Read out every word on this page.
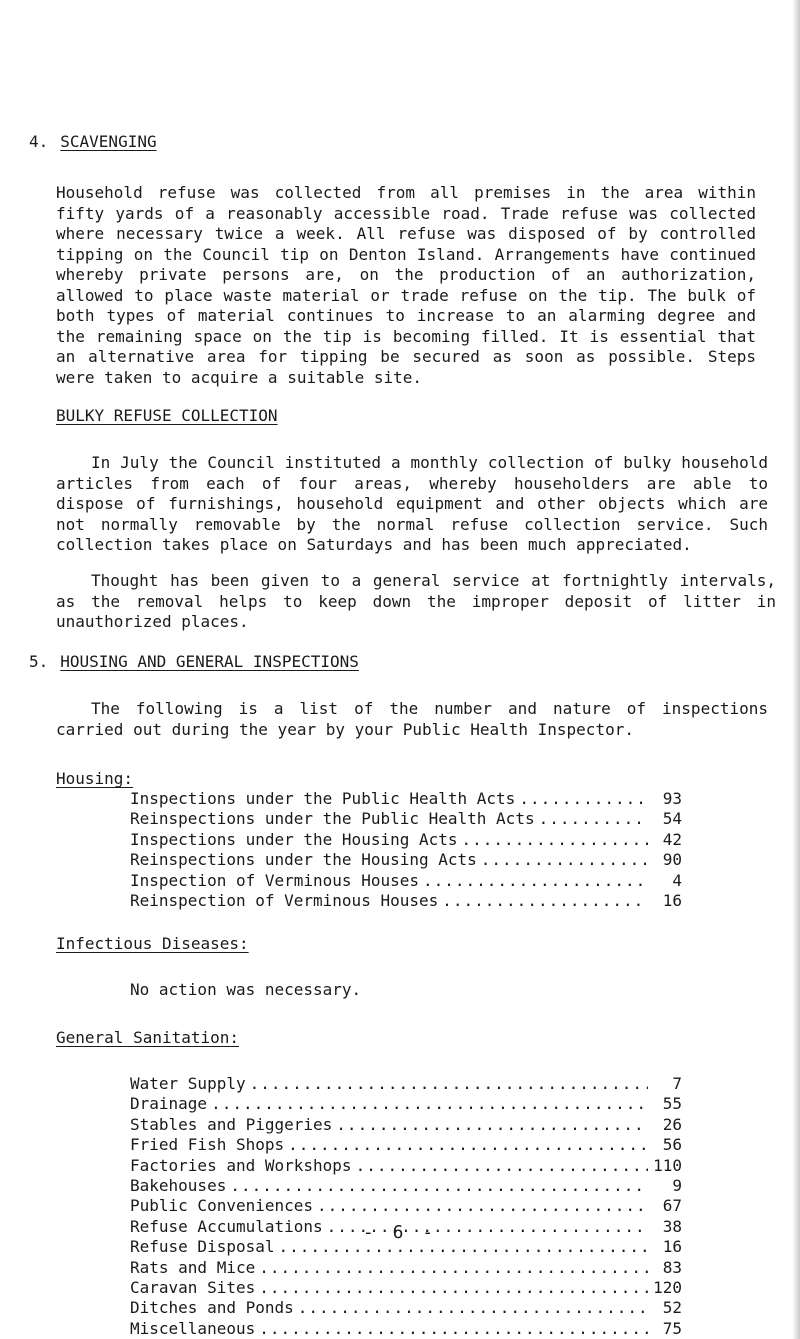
4. SCAVENGING

Household refuse was collected from all premises in the area within fifty yards of a reasonably accessible road. Trade refuse was collected where necessary twice a week. All refuse was disposed of by controlled tipping on the Council tip on Denton Island. Arrangements have continued whereby private persons are, on the production of an authorization, allowed to place waste material or trade refuse on the tip. The bulk of both types of material continues to increase to an alarming degree and the remaining space on the tip is becoming filled. It is essential that an alternative area for tipping be secured as soon as possible. Steps were taken to acquire a suitable site.

BULKY REFUSE COLLECTION

In July the Council instituted a monthly collection of bulky household articles from each of four areas, whereby householders are able to dispose of furnishings, household equipment and other objects which are not normally removable by the normal refuse collection service. Such collection takes place on Saturdays and has been much appreciated.

Thought has been given to a general service at fortnightly intervals, as the removal helps to keep down the improper deposit of litter in unauthorized places.

5. HOUSING AND GENERAL INSPECTIONS

The following is a list of the number and nature of inspections carried out during the year by your Public Health Inspector.

Housing:
Inspections under the Public Health Acts .....	93
Reinspections under the Public Health Acts .....	54
Inspections under the Housing Acts .....	42
Reinspections under the Housing Acts .....	90
Inspection of Verminous Houses .....	4
Reinspection of Verminous Houses .....	16
Infectious Diseases:

No action was necessary.

General Sanitation:
Water Supply .....	7
Drainage .....	55
Stables and Piggeries .....	26
Fried Fish Shops .....	56
Factories and Workshops .....	110
Bakehouses .....	9
Public Conveniences .....	67
Refuse Accumulations .....	38
Refuse Disposal .....	16
Rats and Mice .....	83
Caravan Sites .....	120
Ditches and Ponds .....	52
Miscellaneous .....	75
- 6 -
